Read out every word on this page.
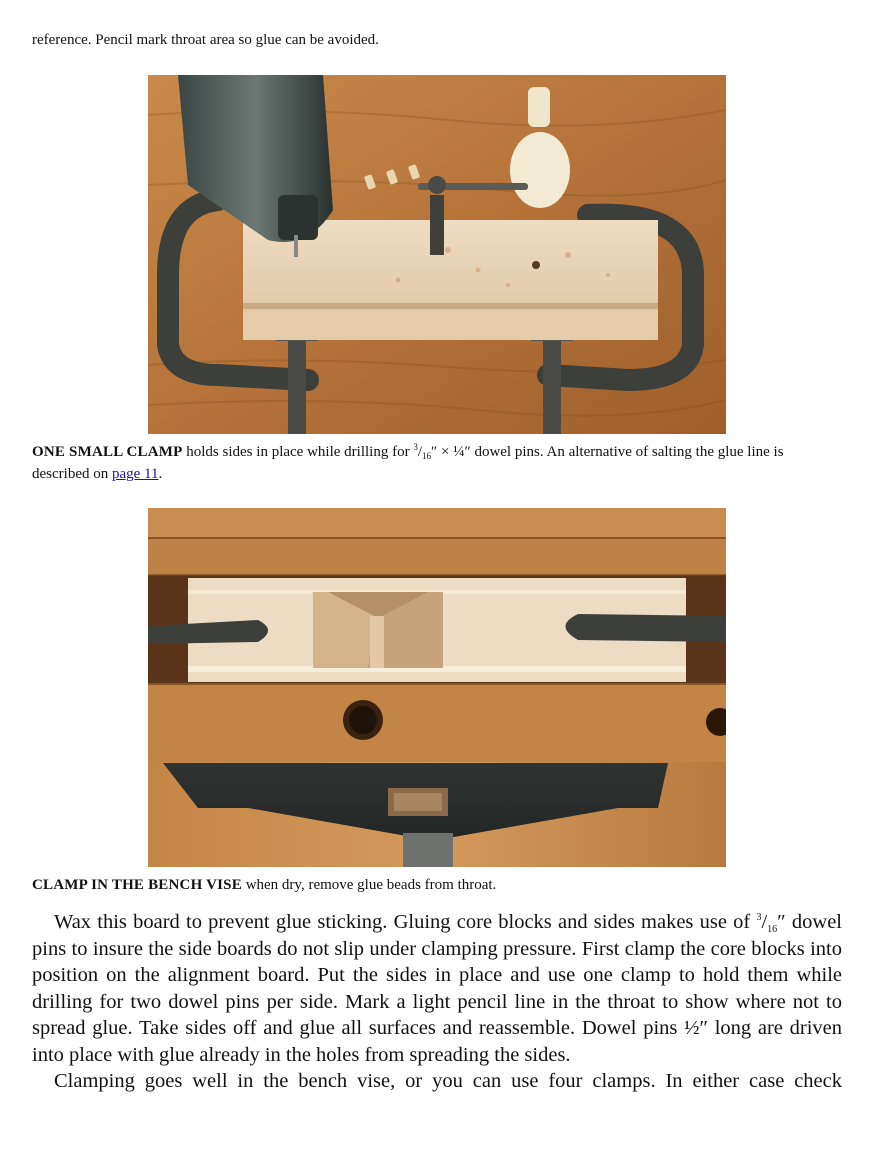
reference. Pencil mark throat area so glue can be avoided.
ONE SMALL CLAMP holds sides in place while drilling for $^3/_{16}''$ × ¼″ dowel pins. An alternative of salting the glue line is described on page 11.
CLAMP IN THE BENCH VISE when dry, remove glue beads from throat.

Wax this board to prevent glue sticking. Gluing core blocks and sides makes use of $^3/_{16}''$ dowel pins to insure the side boards do not slip under clamping pressure. First clamp the core blocks into position on the alignment board. Put the sides in place and use one clamp to hold them while drilling for two dowel pins per side. Mark a light pencil line in the throat to show where not to spread glue. Take sides off and glue all surfaces and reassemble. Dowel pins ½″ long are driven into place with glue already in the holes from spreading the sides.

Clamping goes well in the bench vise, or you can use four clamps. In either case check
